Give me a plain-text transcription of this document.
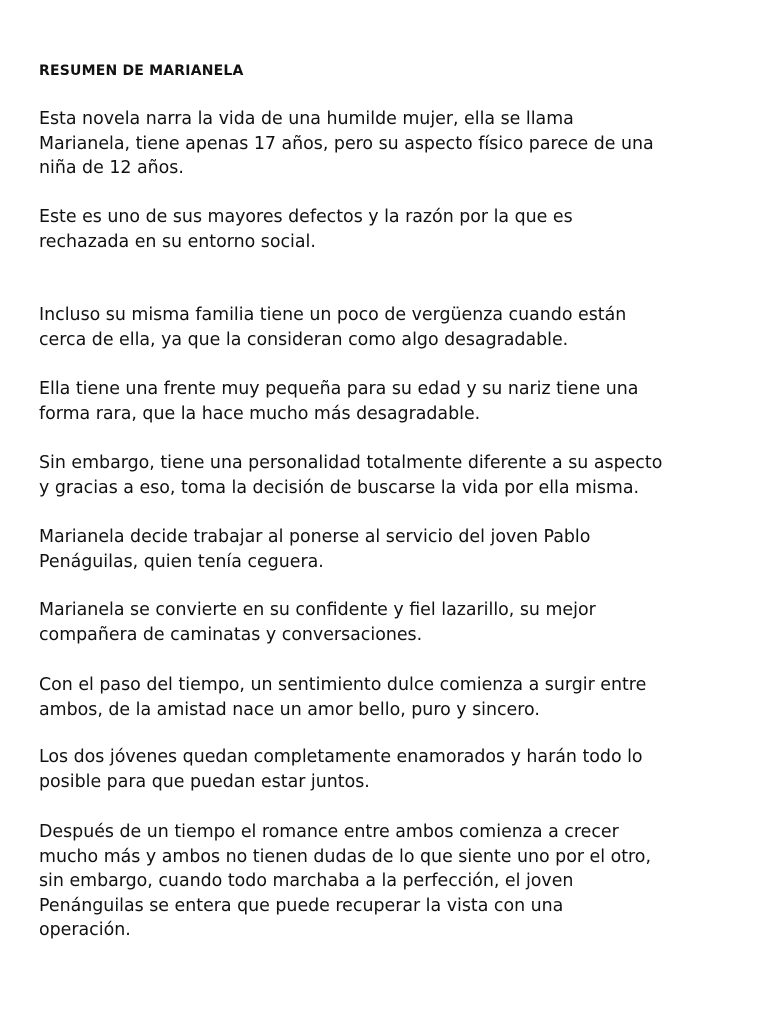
RESUMEN DE MARIANELA

Esta novela narra la vida de una humilde mujer, ella se llama
Marianela, tiene apenas 17 años, pero su aspecto físico parece de una
niña de 12 años.

Este es uno de sus mayores defectos y la razón por la que es
rechazada en su entorno social.

Incluso su misma familia tiene un poco de vergüenza cuando están
cerca de ella, ya que la consideran como algo desagradable.

Ella tiene una frente muy pequeña para su edad y su nariz tiene una
forma rara, que la hace mucho más desagradable.

Sin embargo, tiene una personalidad totalmente diferente a su aspecto
y gracias a eso, toma la decisión de buscarse la vida por ella misma.

Marianela decide trabajar al ponerse al servicio del joven Pablo
Penáguilas, quien tenía ceguera.

Marianela se convierte en su confidente y fiel lazarillo, su mejor
compañera de caminatas y conversaciones.

Con el paso del tiempo, un sentimiento dulce comienza a surgir entre
ambos, de la amistad nace un amor bello, puro y sincero.

Los dos jóvenes quedan completamente enamorados y harán todo lo
posible para que puedan estar juntos.

Después de un tiempo el romance entre ambos comienza a crecer
mucho más y ambos no tienen dudas de lo que siente uno por el otro,
sin embargo, cuando todo marchaba a la perfección, el joven
Penánguilas se entera que puede recuperar la vista con una
operación.
